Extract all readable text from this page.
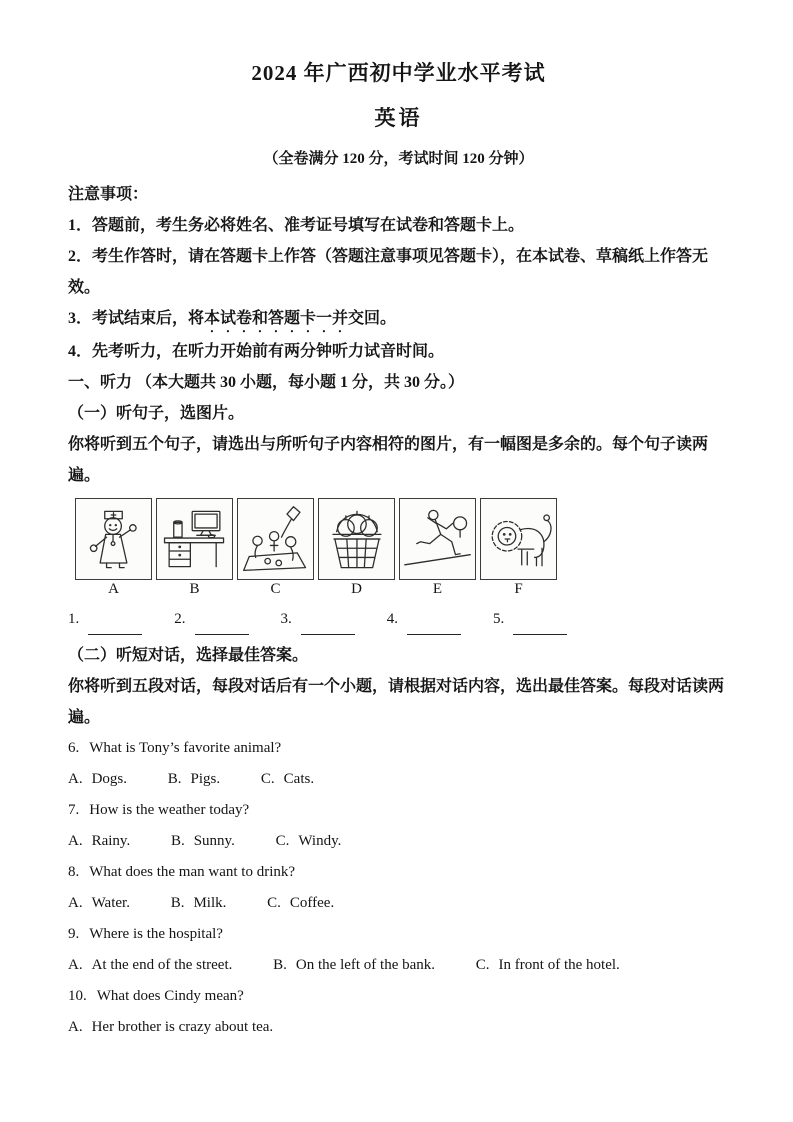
2024 年广西初中学业水平考试
英语
（全卷满分 120 分，考试时间 120 分钟）
注意事项：
1．答题前，考生务必将姓名、准考证号填写在试卷和答题卡上。
2．考生作答时，请在答题卡上作答（答题注意事项见答题卡），在本试卷、草稿纸上作答无效。
3．考试结束后，将本试卷和答题卡一并交回。
4．先考听力，在听力开始前有两分钟听力试音时间。
一、听力 （本大题共 30 小题，每小题 1 分，共 30 分。）
（一）听句子，选图片。
你将听到五个句子，请选出与所听句子内容相符的图片，有一幅图是多余的。每个句子读两遍。
A	B	C	D	E	F
1.	2.	3.	4.	5.
（二）听短对话，选择最佳答案。
你将听到五段对话，每段对话后有一个小题，请根据对话内容，选出最佳答案。每段对话读两遍。
6. What is Tony’s favorite animal?
A. Dogs.	B. Pigs.	C. Cats.
7. How is the weather today?
A. Rainy.	B. Sunny.	C. Windy.
8. What does the man want to drink?
A. Water.	B. Milk.	C. Coffee.
9. Where is the hospital?
A. At the end of the street.	B. On the left of the bank.	C. In front of the hotel.
10. What does Cindy mean?
A. Her brother is crazy about tea.
